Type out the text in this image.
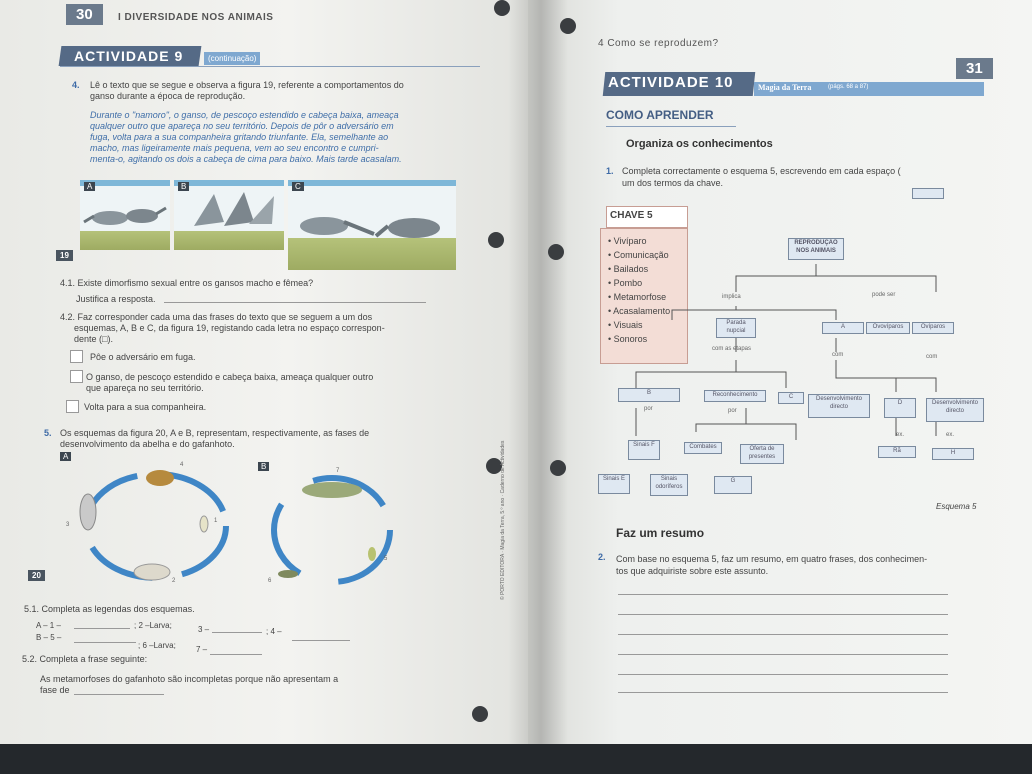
30	I DIVERSIDADE NOS ANIMAIS
ACTIVIDADE 9	(continuação)
4. Lê o texto que se segue e observa a figura 19, referente a comportamentos do
ganso durante a época de reprodução.
Durante o "namoro", o ganso, de pescoço estendido e cabeça baixa, ameaça
qualquer outro que apareça no seu território. Depois de pôr o adversário em
fuga, volta para a sua companheira gritando triunfante. Ela, semelhante ao
macho, mas ligeiramente mais pequena, vem ao seu encontro e cumpri-
menta-o, agitando os dois a cabeça de cima para baixo. Mais tarde acasalam.
A	B	C
19
4.1. Existe dimorfismo sexual entre os gansos macho e fêmea?
Justifica a resposta.
4.2. Faz corresponder cada uma das frases do texto que se seguem a um dos
esquemas, A, B e C, da figura 19, registando cada letra no espaço correspon-
dente (□).
Pôe o adversário em fuga.
O ganso, de pescoço estendido e cabeça baixa, ameaça qualquer outro
que apareça no seu território.
Volta para a sua companheira.
5. Os esquemas da figura 20, A e B, representam, respectivamente, as fases de
desenvolvimento da abelha e do gafanhoto.
A
1
2
3
4	B
5
6
7
20
5.1. Completa as legendas dos esquemas.
A – 1 –	; 2 –Larva;	3 –	; 4 –
B – 5 –
; 6 –Larva;	7 –
5.2. Completa a frase seguinte:
As metamorfoses do gafanhoto são incompletas porque não apresentam a
fase de
4 Como se reproduzem?
31
ACTIVIDADE 10	Magia da Terra	(págs. 68 a 87)
COMO APRENDER
Organiza os conhecimentos
1. Completa correctamente o esquema 5, escrevendo em cada espaço (
um dos termos da chave.
CHAVE 5
• Vivíparo
• Comunicação
• Bailados
• Pombo
• Metamorfose
• Acasalamento
• Visuais
• Sonoros
REPRODUÇÃO NOS ANIMAIS
implica	pode ser
Parada nupcial
A	Ovovíparos	Ovíparos
com as etapas
com	com
B	Reconhecimento	C	Desenvolvimento directo
D	Desenvolvimento directo
por	por
ex.	ex.
Sinais F	Combates	Oferta de presentes
Rã	H
Sinais E	Sinais odoríferos
G
Esquema 5
Faz um resumo
2. Com base no esquema 5, faz um resumo, em quatro frases, dos conhecimen-
tos que adquiriste sobre este assunto.
© PORTO EDITORA · Magia da Terra, 5.º ano · Caderno de Actividades
